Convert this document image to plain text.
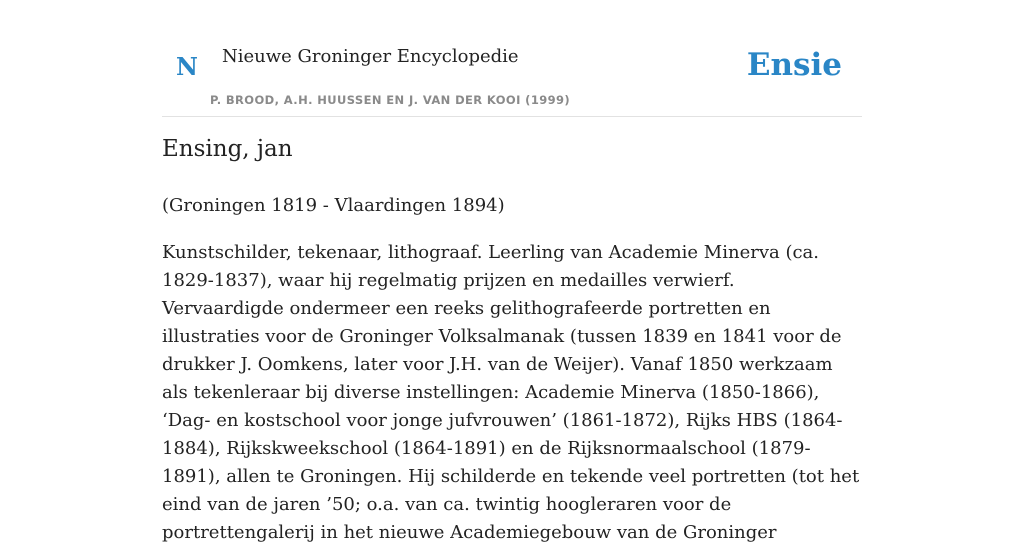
N Nieuwe Groninger Encyclopedie
P. BROOD, A.H. HUUSSEN EN J. VAN DER KOOI (1999)
Ensie
Ensing, jan

(Groningen 1819 - Vlaardingen 1894)

Kunstschilder, tekenaar, lithograaf. Leerling van Academie Minerva (ca. 1829-1837), waar hij regelmatig prijzen en medailles verwierf. Vervaardigde ondermeer een reeks gelithografeerde portretten en illustraties voor de Groninger Volksalmanak (tussen 1839 en 1841 voor de drukker J. Oomkens, later voor J.H. van de Weijer). Vanaf 1850 werkzaam als tekenleraar bij diverse instellingen: Academie Minerva (1850-1866), ‘Dag- en kostschool voor jonge jufvrouwen’ (1861-1872), Rijks HBS (1864-1884), Rijkskweekschool (1864-1891) en de Rijksnormaalschool (1879-1891), allen te Groningen. Hij schilderde en tekende veel portretten (tot het eind van de jaren ’50; o.a. van ca. twintig hoogleraren voor de portrettengalerij in het nieuwe Academiegebouw van de Groninger
